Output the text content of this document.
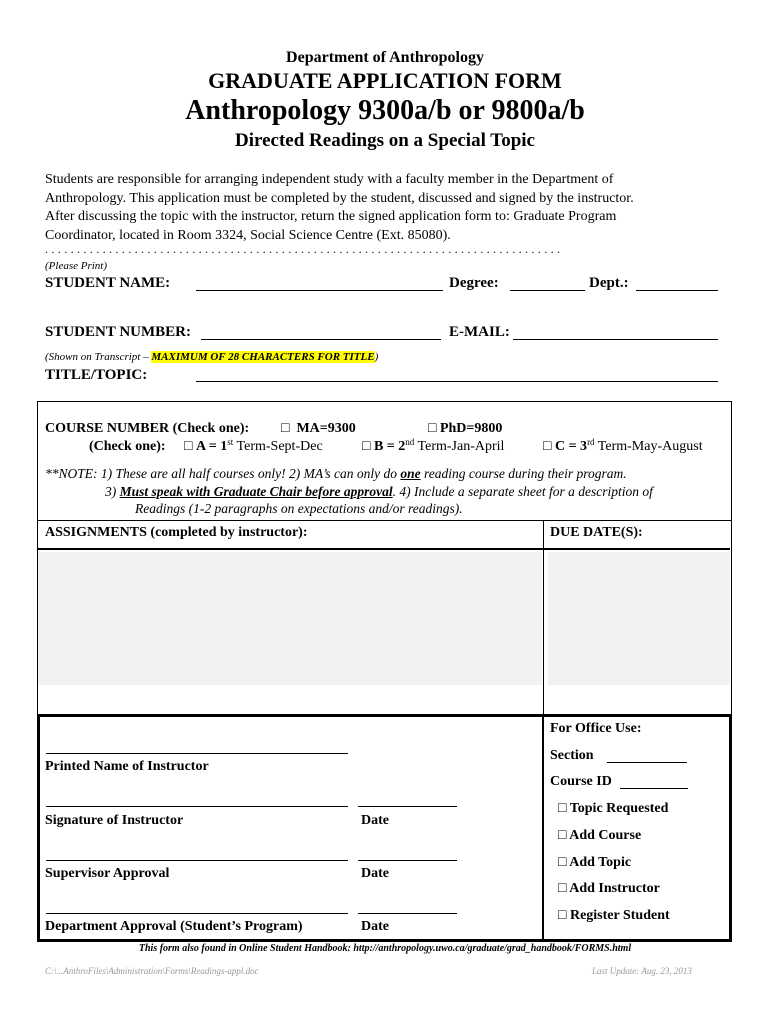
Department of Anthropology
GRADUATE APPLICATION FORM
Anthropology 9300a/b or 9800a/b
Directed Readings on a Special Topic
Students are responsible for arranging independent study with a faculty member in the Department of
Anthropology. This application must be completed by the student, discussed and signed by the instructor.
After discussing the topic with the instructor, return the signed application form to: Graduate Program
Coordinator, located in Room 3324, Social Science Centre (Ext. 85080).
. . . . . . . . . . . . . . . . . . . . . . . . . . . . . . . . . . . . . . . . . . . . . . . . . . . . . . . . . . . . . . . . . . . . . . . . . . . . . . . . .
(Please Print)
STUDENT NAME:	Degree:	Dept.:
STUDENT NUMBER:	E-MAIL:
(Shown on Transcript – MAXIMUM OF 28 CHARACTERS FOR TITLE)
TITLE/TOPIC:
COURSE NUMBER (Check one): □ MA=9300	□ PhD=9800
(Check one): □ A = 1st Term-Sept-Dec	□ B = 2nd Term-Jan-April	□ C = 3rd Term-May-August
**NOTE: 1) These are all half courses only! 2) MA’s can only do one reading course during their program.
3) Must speak with Graduate Chair before approval. 4) Include a separate sheet for a description of
Readings (1-2 paragraphs on expectations and/or readings).
ASSIGNMENTS (completed by instructor):	DUE DATE(S):
Printed Name of Instructor
Signature of Instructor	Date
Supervisor Approval	Date
Department Approval (Student’s Program)	Date
For Office Use:
Section
Course ID
□ Topic Requested
□ Add Course
□ Add Topic
□ Add Instructor
□ Register Student
This form also found in Online Student Handbook: http://anthropology.uwo.ca/graduate/grad_handbook/FORMS.html
C:\...AnthroFiles\Administration\Forms\Readings-appl.doc	Last Update: Aug. 23, 2013
